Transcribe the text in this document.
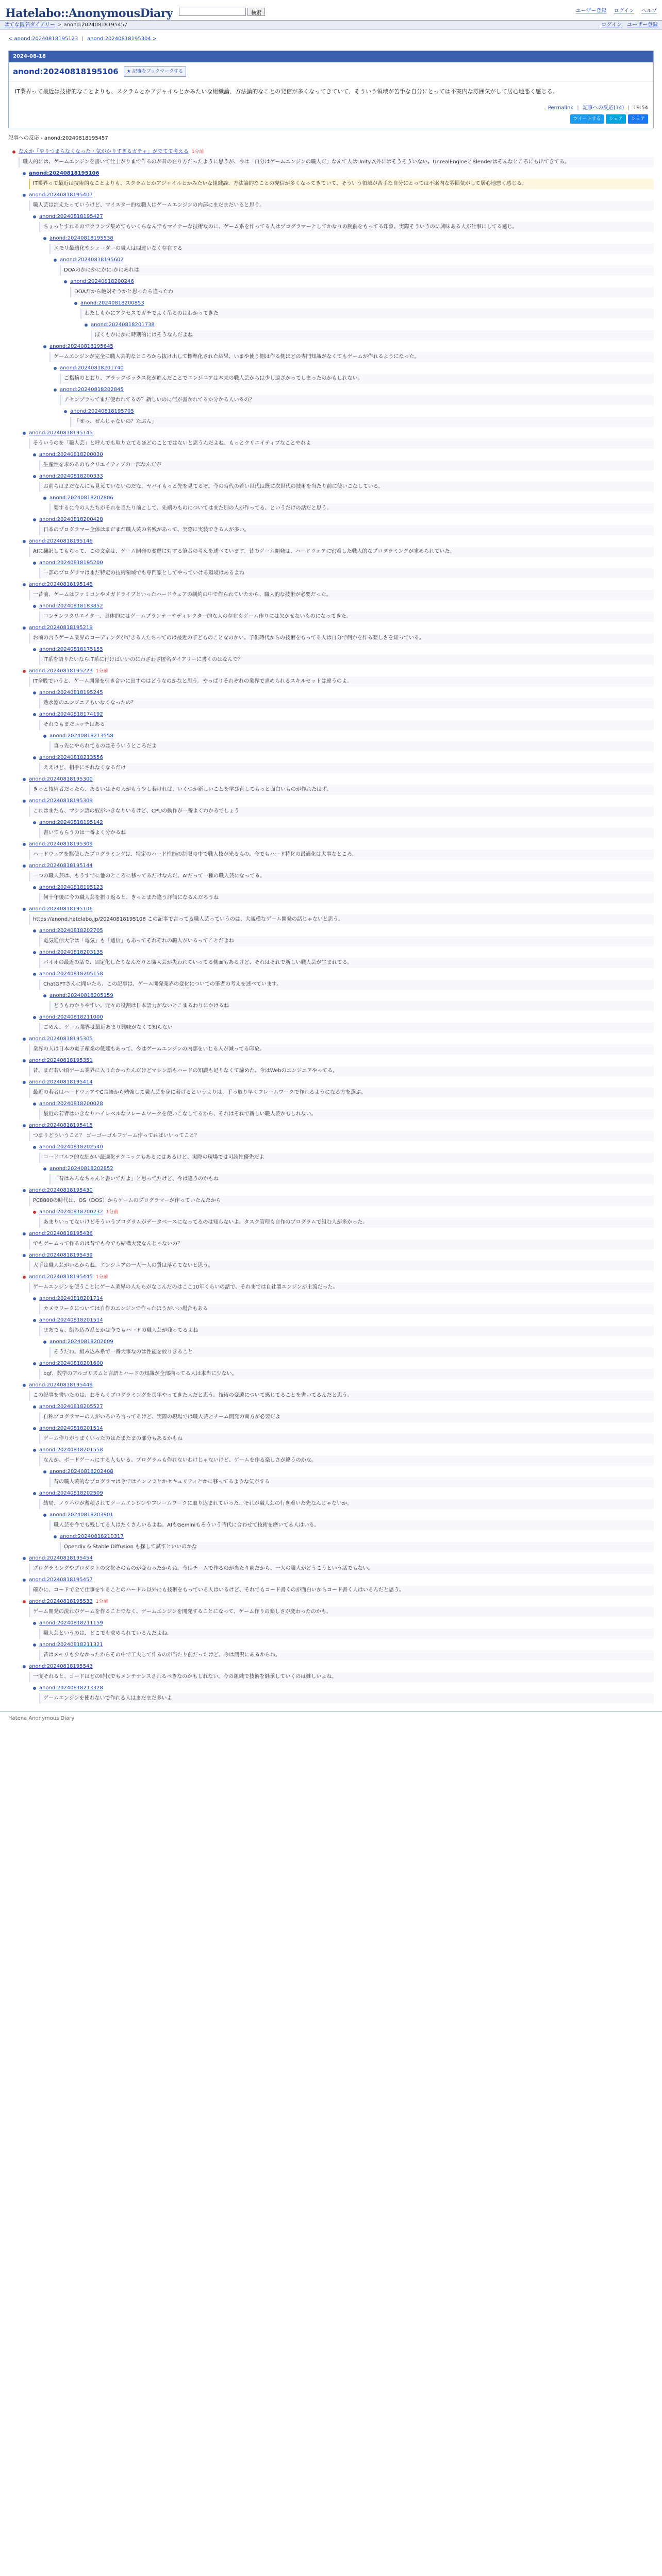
Hatelabo::AnonymousDiary	検索	ユーザー登録 ログイン ヘルプ
はてな匿名ダイアリー > anond:20240818195457	ログイン ユーザー登録
< anond:20240818195123 | anond:20240818195304 >
2024-08-18
anond:20240818195106	★ 記事をブックマークする
IT業界って最近は技術的なことよりも、スクラムとかアジャイルとかみたいな組織論、方法論的なことの発信が多くなってきていて、そういう領域が苦手な自分にとっては不案内な雰囲気がして居心地悪く感じる。
Permalink | 記事への反応(14) | 19:54
ツイートする	シェア	シェア
記事への反応 - anond:20240818195457
なんか「やりつまらなくなった・気がかりすぎるガチャ」がでてて考える 1分前
職人的には、ゲームエンジンを書いて仕上がりまで作るのが昔の在り方だったように思うが、今は「自分はゲームエンジンの職人だ」なんて人はUnity以外にはそうそういない。UnrealEngineとBlenderはそんなところにも出てきてる。
anond:20240818195106
IT業界って最近は技術的なことよりも、スクラムとかアジャイルとかみたいな組織論、方法論的なことの発信が多くなってきていて、そういう領域が苦手な自分にとっては不案内な雰囲気がして居心地悪く感じる。
anond:20240818195407
職人芸は消えたっていうけど、マイスター的な職人はゲームエンジンの内部にまだまだいると思う。
anond:20240818195427
ちょっとすれるのでクランプ集めてもいくらなんでもマイナーな技術なのに、ゲーム系を作ってる人はプログラマーとしてかなりの腕前をもってる印象。実際そういうのに興味ある人が仕事にしてる感じ。
anond:20240818195538
メモリ最適化やシェーダーの職人は間違いなく存在する
anond:20240818195602
DOAのかにかにかに-かにあれは
anond:20240818200246
DOAだから絶対そうかと思ったら違ったわ
anond:20240818200853
わたしもかにアクセスでガチでよく吊るのはわかってきた
anond:20240818201738
ぼくもかにかに時期的にはそうなんだよね
anond:20240818195645
ゲームエンジンが完全に職人芸的なところから抜け出して標準化された結果、いまや使う側は作る側ほどの専門知識がなくてもゲームが作れるようになった。
anond:20240818201740
ご指摘のとおり、ブラックボックス化が進んだことでエンジニアは本来の職人芸からは少し遠ざかってしまったのかもしれない。
anond:20240818202845
アセンブラってまだ使われてるの？新しいのに何が書かれてるか分かる人いるの？
anond:20240818195705
「ぜっ、ぜんじゃないの？たぶん」
anond:20240818195145
そういうのを「職人芸」と呼んでも取り立てるほどのことではないと思うんだよね。もっとクリエイティブなことやれよ
anond:20240818200030
生産性を求めるのもクリエイティブの一部なんだが
anond:20240818200333
お前らはまだなんにも見えていないのだな。ヤバイもっと先を見てるぞ。今の時代の若い世代は既に次世代の技術を当たり前に使いこなしている。
anond:20240818202806
要するに今の人たちがそれを当たり前として、先端のものについてはまた別の人が作ってる、というだけの話だと思う。
anond:20240818200428
日本のプログラマー全体はまだまだ職人芸の名残があって、実際に実装できる人が多い。
anond:20240818195146
AIに翻訳してもらって、この文章は、ゲーム開発の変遷に対する筆者の考えを述べています。昔のゲーム開発は、ハードウェアに密着した職人的なプログラミングが求められていた。
anond:20240818195200
一部のプログラマはまだ特定の技術領域でも専門家としてやっていける環境はあるよね
anond:20240818195148
一昔前、ゲームはファミコンやメガドライブといったハードウェアの制約の中で作られていたから、職人的な技術が必要だった。
anond:20240818183852
コンテンツクリエイター、具体的にはゲームプランナーやディレクター的な人の存在もゲーム作りには欠かせないものになってきた。
anond:20240818195219
お前の言うゲーム業界のコーディングができる人たちってのは最近の子どものことなのかい。子供時代からの技術をもってる人は自分で何かを作る楽しさを知っている。
anond:20240818175155
IT系を語りたいならIT系に行けばいいのにわざわざ匿名ダイアリーに書くのはなんで？
anond:20240818195223 1分前
IT全般でいうと、ゲーム開発を引き合いに出すのはどうなのかなと思う。やっぱりそれぞれの業界で求められるスキルセットは違うのよ。
anond:20240818195245
熟水器のエンジニアもいなくなったの？
anond:20240818174192
それでもまだニッチはある
anond:20240818213558
真っ先にやられてるのはそういうところだよ
anond:20240818213556
ええけど、相手にされなくなるだけ
anond:20240818195300
きっと技術者だったら、あるいはその人がもう少し若ければ、いくつか新しいことを学び直してもっと面白いものが作れたはず。
anond:20240818195309
これはまたも、マシン語の奴がいきなりいるけど、CPUの動作が一番よくわかるでしょう
anond:20240818195142
書いてもらうのは一番よく分かるね
anond:20240818195309
ハードウェアを駆使したプログラミングは、特定のハード性能の制限の中で職人技が光るもの。今でもハード特化の最適化は大事なところ。
anond:20240818195144
一つの職人芸は、もうすでに他のところに移ってるだけなんだ。AIだって一種の職人芸になってる。
anond:20240818195123
何十年後に今の職人芸を振り返ると、きっとまた違う評価になるんだろうね
anond:20240818195106
https://anond.hatelabo.jp/20240818195106 この記事で言ってる職人芸っていうのは、大規模なゲーム開発の話じゃないと思う。
anond:20240818202705
電気通信大学は「電気」も「通信」もあってそれぞれの職人がいるってことだよね
anond:20240818203135
バイオの最近の話で、固定化したりなんだりと職人芸が失われていってる側面もあるけど、それはそれで新しい職人芸が生まれてる。
anond:20240818205158
ChatGPTさんに聞いたら、この記事は、ゲーム開発業界の変化についての筆者の考えを述べています。
anond:20240818205159
どうもわかりやすい。元々の役割は日本語力がないとこまるわりにかけるね
anond:20240818211000
ごめん、ゲーム業界は最近あまり興味がなくて知らない
anond:20240818195305
業界の人は日本の電子産業の低迷もあって、今はゲームエンジンの内部をいじる人が減ってる印象。
anond:20240818195351
昔、まだ若い頃ゲーム業界に入りたかったんだけどマシン語もハードの知識も足りなくて諦めた。今はWebのエンジニアやってる。
anond:20240818195414
最近の若者はハードウェアやC言語から勉強して職人芸を身に着けるというよりは、手っ取り早くフレームワークで作れるようになる方を選ぶ。
anond:20240818200028
最近の若者はいきなりハイレベルなフレームワークを使いこなしてるから、それはそれで新しい職人芸かもしれない。
anond:20240818195415
つまりどういうこと？ ゴーゴーゴルフゲーム作ってればいいってこと？
anond:20240818202540
コードゴルフ的な細かい最適化テクニックもあるにはあるけど、実際の現場では可読性優先だよ
anond:20240818202852
「昔はみんなちゃんと書いてたよ」と思ってたけど、今は違うのかもね
anond:20240818195430
PC8800の時代は、OS（DOS）からゲームのプログラマーが作っていたんだから
anond:20240818200232 1分前
あまりいってないけどそういうプログラムがデータベースになってるのは知らないよ。タスク管理も自作のプログラムで組む人が多かった。
anond:20240818195436
でもゲームって作るのは昔でも今でも結構大変なんじゃないの？
anond:20240818195439
大手は職人芸がいるからね。エンジニアの一人一人の質は落ちてないと思う。
anond:20240818195445 1分前
ゲームエンジンを使うことにゲーム業界の人たちがなじんだのはここ10年くらいの話で、それまでは自社製エンジンが主流だった。
anond:20240818201714
カメラワークについては自作のエンジンで作ったほうがいい場合もある
anond:20240818201514
まあでも、組み込み系とかは今でもハードの職人芸が残ってるよね
anond:20240818202609
そうだね。組み込み系で一番大事なのは性能を絞りきること
anond:20240818201600
bgf、数学のアルゴリズムと言語とハードの知識が全部揃ってる人は本当に少ない。
anond:20240818195449
この記事を書いたのは、おそらくプログラミングを長年やってきた人だと思う。技術の変遷について感じてることを書いてるんだと思う。
anond:20240818205527
自称プログラマーの人がいろいろ言ってるけど、実際の現場では職人芸とチーム開発の両方が必要だよ
anond:20240818201514
ゲーム作りがうまくいったのはたまたまの部分もあるかもね
anond:20240818201558
なんか、ボードゲームにする人もいる。プログラムも作れないわけじゃないけど、ゲームを作る楽しさが違うのかな。
anond:20240818202408
昔の職人芸的なプログラマは今ではインフラとかセキュリティとかに移ってるような気がする
anond:20240818202509
結局、ノウハウが蓄積されてゲームエンジンやフレームワークに取り込まれていった、それが職人芸の行き着いた先なんじゃないか。
anond:20240818203901
職人芸を今でも残してる人はたくさんいるよね。AIもGeminiもそういう時代に合わせて技術を磨いてる人はいる。
anond:20240818210317
Opendiv & Stable Diffusion も探して試すといいのかな
anond:20240818195454
プログラミングやプロダクトの文化そのものが変わったからね。今はチームで作るのが当たり前だから、一人の職人がどうこうという話でもない。
anond:20240818195457
確かに、コードで全て仕事をすることのハードル以外にも技術をもっている人はいるけど、それでもコード書くのが面白いからコード書く人はいるんだと思う。
anond:20240818195533 1分前
ゲーム開発の流れがゲームを作ることでなく、ゲームエンジンを開発することになって、ゲーム作りの楽しさが変わったのかも。
anond:20240818211159
職人芸というのは、どこでも求められているんだよね。
anond:20240818211321
昔はメモリも少なかったからその中で工夫して作るのが当たり前だったけど、今は潤沢にあるからね。
anond:20240818195543
一度それると、コードはどの時代でもメンテナンスされるべきなのかもしれない。今の組織で技術を継承していくのは難しいよね。
anond:20240818213328
ゲームエンジンを使わないで作れる人はまだまだ多いよ
Hatena Anonymous Diary
